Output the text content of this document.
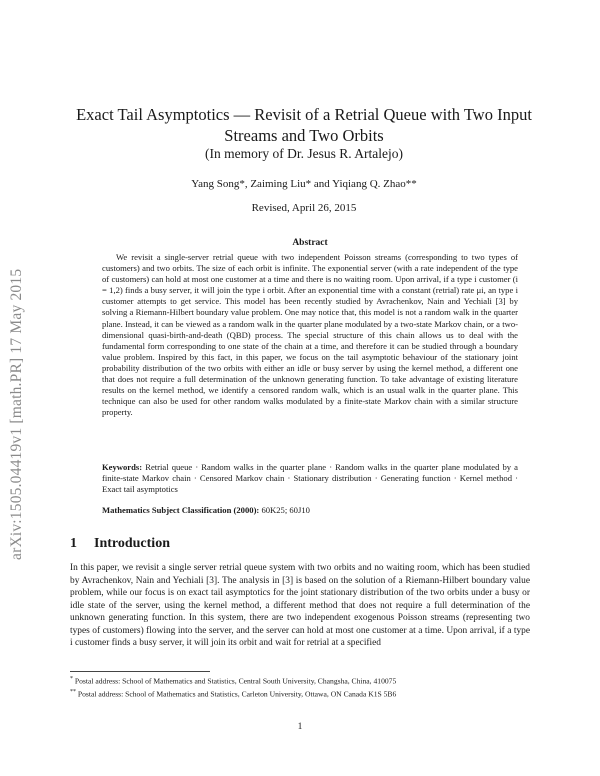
arXiv:1505.04419v1 [math.PR] 17 May 2015
Exact Tail Asymptotics — Revisit of a Retrial Queue with Two Input Streams and Two Orbits
(In memory of Dr. Jesus R. Artalejo)
Yang Song*, Zaiming Liu* and Yiqiang Q. Zhao**
Revised, April 26, 2015
Abstract
We revisit a single-server retrial queue with two independent Poisson streams (corresponding to two types of customers) and two orbits. The size of each orbit is infinite. The exponential server (with a rate independent of the type of customers) can hold at most one customer at a time and there is no waiting room. Upon arrival, if a type i customer (i = 1,2) finds a busy server, it will join the type i orbit. After an exponential time with a constant (retrial) rate μi, an type i customer attempts to get service. This model has been recently studied by Avrachenkov, Nain and Yechiali [3] by solving a Riemann-Hilbert boundary value problem. One may notice that, this model is not a random walk in the quarter plane. Instead, it can be viewed as a random walk in the quarter plane modulated by a two-state Markov chain, or a two-dimensional quasi-birth-and-death (QBD) process. The special structure of this chain allows us to deal with the fundamental form corresponding to one state of the chain at a time, and therefore it can be studied through a boundary value problem. Inspired by this fact, in this paper, we focus on the tail asymptotic behaviour of the stationary joint probability distribution of the two orbits with either an idle or busy server by using the kernel method, a different one that does not require a full determination of the unknown generating function. To take advantage of existing literature results on the kernel method, we identify a censored random walk, which is an usual walk in the quarter plane. This technique can also be used for other random walks modulated by a finite-state Markov chain with a similar structure property.
Keywords: Retrial queue · Random walks in the quarter plane · Random walks in the quarter plane modulated by a finite-state Markov chain · Censored Markov chain · Stationary distribution · Generating function · Kernel method · Exact tail asymptotics
Mathematics Subject Classification (2000): 60K25; 60J10
1 Introduction
In this paper, we revisit a single server retrial queue system with two orbits and no waiting room, which has been studied by Avrachenkov, Nain and Yechiali [3]. The analysis in [3] is based on the solution of a Riemann-Hilbert boundary value problem, while our focus is on exact tail asymptotics for the joint stationary distribution of the two orbits under a busy or idle state of the server, using the kernel method, a different method that does not require a full determination of the unknown generating function. In this system, there are two independent exogenous Poisson streams (representing two types of customers) flowing into the server, and the server can hold at most one customer at a time. Upon arrival, if a type i customer finds a busy server, it will join its orbit and wait for retrial at a specified
* Postal address: School of Mathematics and Statistics, Central South University, Changsha, China, 410075
** Postal address: School of Mathematics and Statistics, Carleton University, Ottawa, ON Canada K1S 5B6
1
